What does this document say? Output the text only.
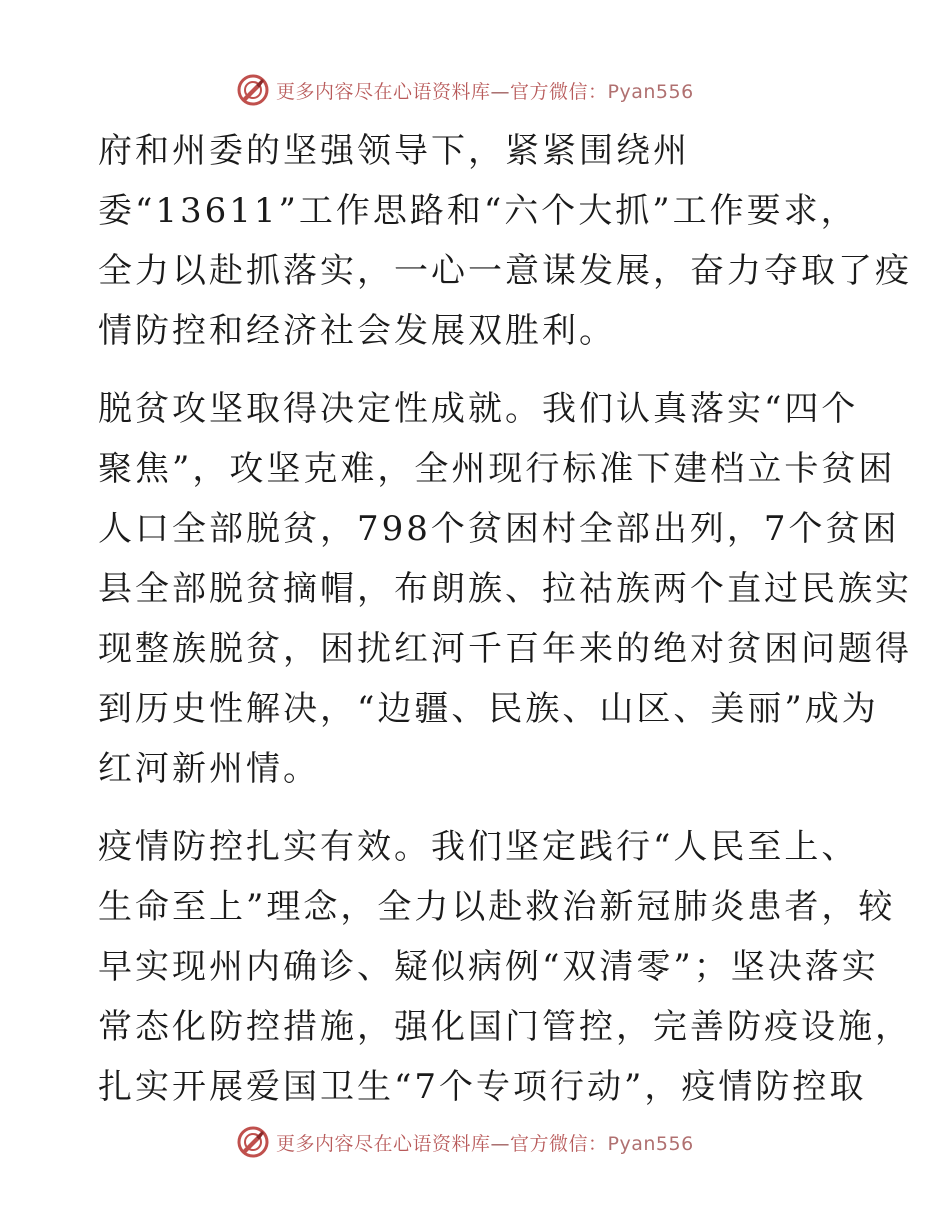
更多内容尽在心语资料库—官方微信：Pyan556
府和州委的坚强领导下，紧紧围绕州
委“13611”工作思路和“六个大抓”工作要求，
全力以赴抓落实，一心一意谋发展，奋力夺取了疫
情防控和经济社会发展双胜利。
脱贫攻坚取得决定性成就。我们认真落实“四个
聚焦”，攻坚克难，全州现行标准下建档立卡贫困
人口全部脱贫，798个贫困村全部出列，7个贫困
县全部脱贫摘帽，布朗族、拉祜族两个直过民族实
现整族脱贫，困扰红河千百年来的绝对贫困问题得
到历史性解决，“边疆、民族、山区、美丽”成为
红河新州情。
疫情防控扎实有效。我们坚定践行“人民至上、
生命至上”理念，全力以赴救治新冠肺炎患者，较
早实现州内确诊、疑似病例“双清零”；坚决落实
常态化防控措施，强化国门管控，完善防疫设施，
扎实开展爱国卫生“7个专项行动”，疫情防控取
更多内容尽在心语资料库—官方微信：Pyan556
